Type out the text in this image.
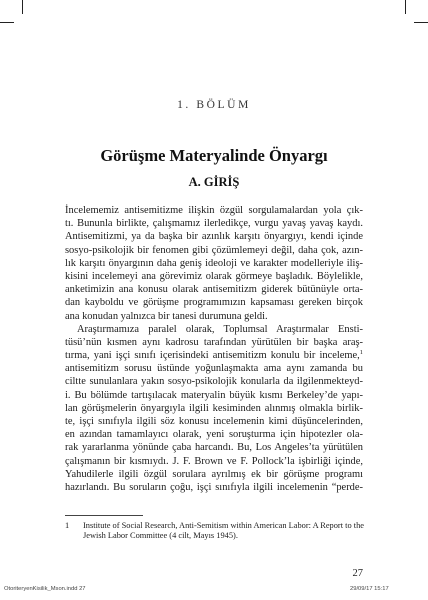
1. BÖLÜM
Görüşme Materyalinde Önyargı
A. GİRİŞ
İncelememiz antisemitizme ilişkin özgül sorgulamalardan yola çık-
tı. Bununla birlikte, çalışmamız ilerledikçe, vurgu yavaş yavaş kaydı.
Antisemitizmi, ya da başka bir azınlık karşıtı önyargıyı, kendi içinde
sosyo-psikolojik bir fenomen gibi çözümlemeyi değil, daha çok, azın-
lık karşıtı önyargının daha geniş ideoloji ve karakter modelleriyle iliş-
kisini incelemeyi ana görevimiz olarak görmeye başladık. Böylelikle,
anketimizin ana konusu olarak antisemitizm giderek bütünüyle orta-
dan kayboldu ve görüşme programımızın kapsaması gereken birçok
ana konudan yalnızca bir tanesi durumuna geldi.
Araştırmamıza paralel olarak, Toplumsal Araştırmalar Ensti-
tüsü’nün kısmen aynı kadrosu tarafından yürütülen bir başka araş-
tırma, yani işçi sınıfı içerisindeki antisemitizm konulu bir inceleme,$^1$
antisemitizm sorusu üstünde yoğunlaşmakta ama aynı zamanda bu
ciltte sunulanlara yakın sosyo-psikolojik konularla da ilgilenmekteyd-
i. Bu bölümde tartışılacak materyalin büyük kısmı Berkeley’de yapı-
lan görüşmelerin önyargıyla ilgili kesiminden alınmış olmakla birlik-
te, işçi sınıfıyla ilgili söz konusu incelemenin kimi düşüncelerinden,
en azından tamamlayıcı olarak, yeni soruşturma için hipotezler ola-
rak yararlanma yönünde çaba harcandı. Bu, Los Angeles’ta yürütülen
çalışmanın bir kısmıydı. J. F. Brown ve F. Pollock’la işbirliği içinde,
Yahudilerle ilgili özgül sorulara ayrılmış ek bir görüşme programı
hazırlandı. Bu soruların çoğu, işçi sınıfıyla ilgili incelemenin “perde-
1 Institute of Social Research, Anti-Semitism within American Labor: A Report to the
Jewish Labor Committee (4 cilt, Mayıs 1945).
27
OtoriteryenKisilik_Mson.indd 27	29/09/17 15:17
